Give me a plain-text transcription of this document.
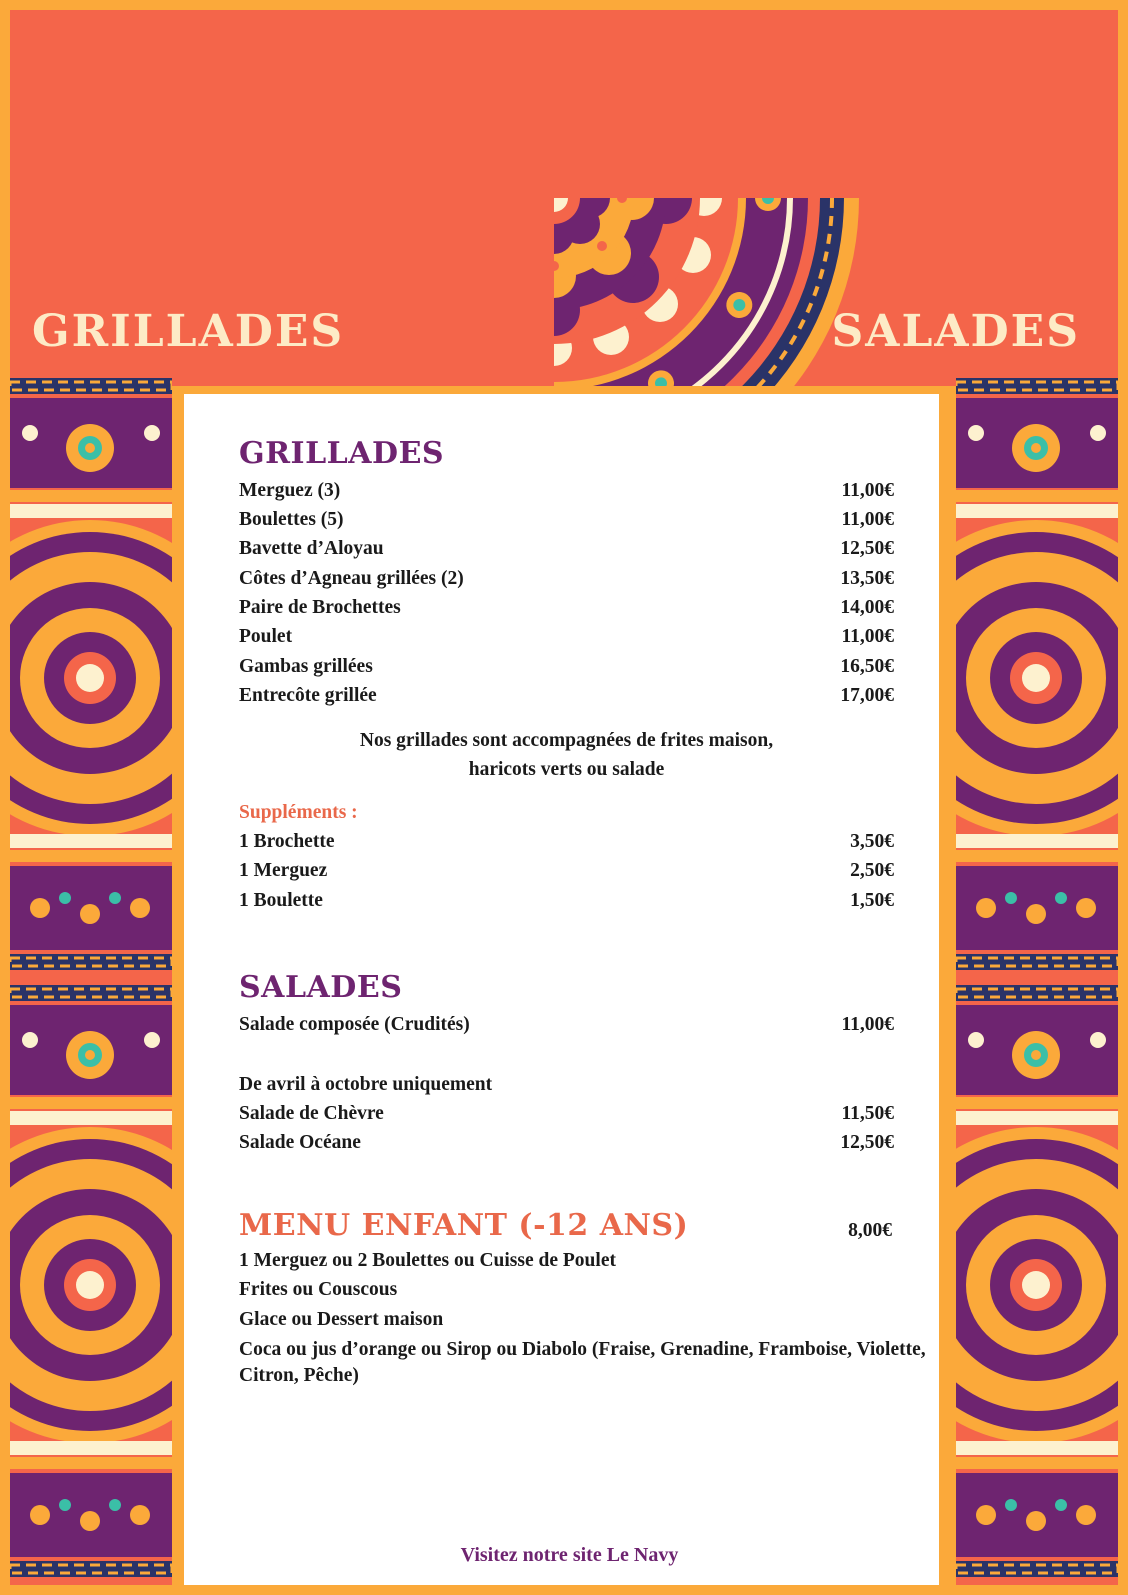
GRILLADES	SALADES
GRILLADES
Merguez (3)	11,00€
Boulettes (5)	11,00€
Bavette d’Aloyau	12,50€
Côtes d’Agneau grillées (2)	13,50€
Paire de Brochettes	14,00€
Poulet	11,00€
Gambas grillées	16,50€
Entrecôte grillée	17,00€
Nos grillades sont accompagnées de frites maison,
haricots verts ou salade
Suppléments :
1 Brochette	3,50€
1 Merguez	2,50€
1 Boulette	1,50€
SALADES
Salade composée (Crudités)	11,00€
De avril à octobre uniquement
Salade de Chèvre	11,50€
Salade Océane	12,50€
MENU ENFANT (-12 ANS)	8,00€
1 Merguez ou 2 Boulettes ou Cuisse de Poulet
Frites ou Couscous
Glace ou Dessert maison
Coca ou jus d’orange ou Sirop ou Diabolo (Fraise, Grenadine, Framboise, Violette, Citron, Pêche)
Visitez notre site Le Navy
